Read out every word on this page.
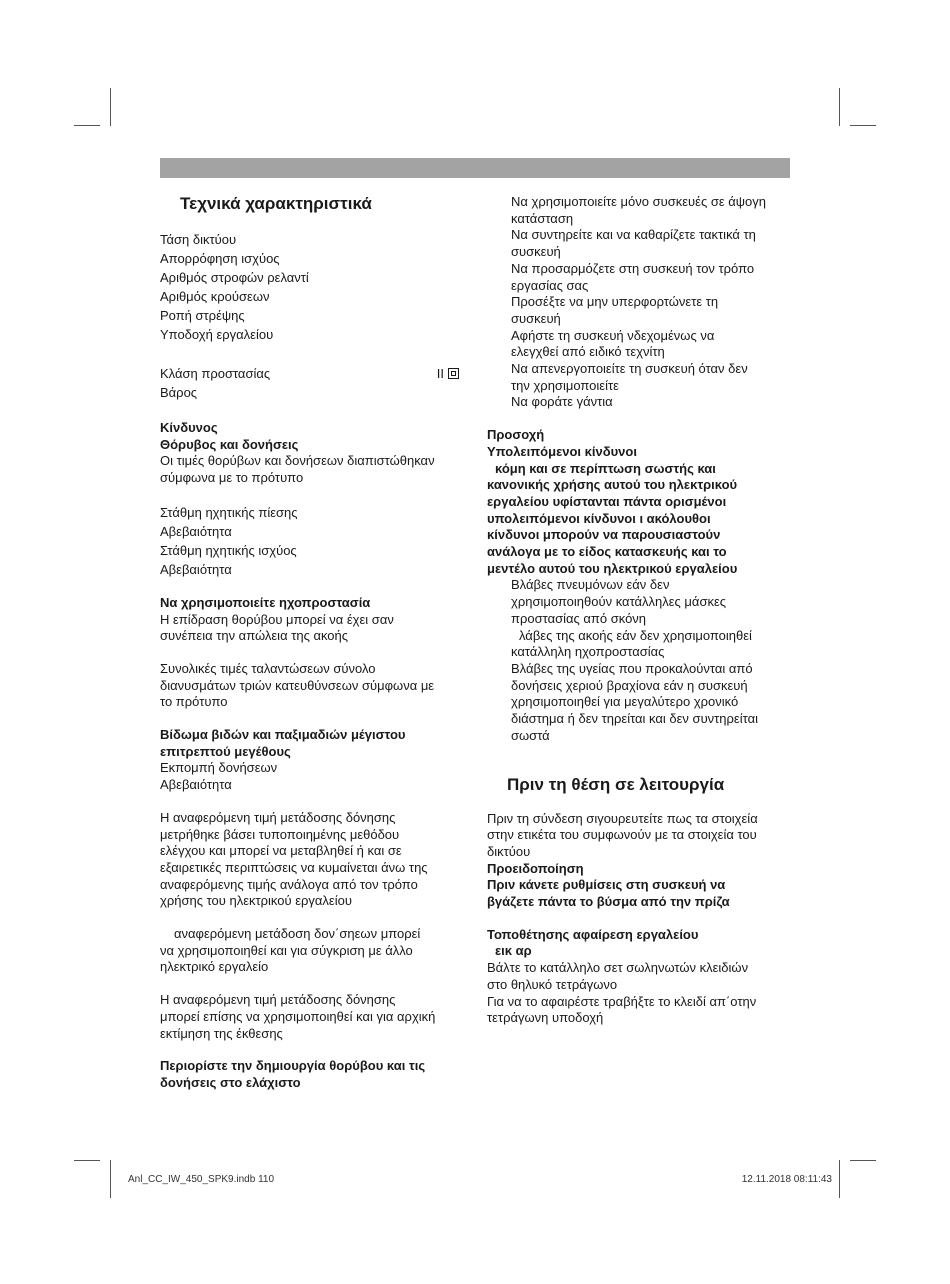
Τεχνικά χαρακτηριστικά

Τάση δικτύου

Απορρόφηση ισχύος

Αριθμός στροφών ρελαντί

Αριθμός κρούσεων

Ροπή στρέψης

Υποδοχή εργαλείου

Κλάση προστασίας	II

Βάρος

Κίνδυνος

Θόρυβος και δονήσεις

Οι τιμές θορύβων και δονήσεων διαπιστώθηκαν

σύμφωνα με το πρότυπο

Στάθμη ηχητικής πίεσης

Αβεβαιότητα

Στάθμη ηχητικής ισχύος

Αβεβαιότητα

Να χρησιμοποιείτε ηχοπροστασία

Η επίδραση θορύβου μπορεί να έχει σαν

συνέπεια την απώλεια της ακοής

Συνολικές τιμές ταλαντώσεων σύνολο

διανυσμάτων τριών κατευθύνσεων σύμφωνα με

το πρότυπο

Βίδωμα βιδών και παξιμαδιών μέγιστου

επιτρεπτού μεγέθους

Εκπομπή δονήσεων

Αβεβαιότητα

Η αναφερόμενη τιμή μετάδοσης δόνησης

μετρήθηκε βάσει τυποποιημένης μεθόδου

ελέγχου και μπορεί να μεταβληθεί ή και σε

εξαιρετικές περιπτώσεις να κυμαίνεται άνω της

αναφερόμενης τιμής ανάλογα από τον τρόπο

χρήσης του ηλεκτρικού εργαλείου

αναφερόμενη μετάδοση δον΄σηεων μπορεί

να χρησιμοποιηθεί και για σύγκριση με άλλο

ηλεκτρικό εργαλείο

Η αναφερόμενη τιμή μετάδοσης δόνησης

μπορεί επίσης να χρησιμοποιηθεί και για αρχική

εκτίμηση της έκθεσης

Περιορίστε την δημιουργία θορύβου και τις

δονήσεις στο ελάχιστο

Να χρησιμοποιείτε μόνο συσκευές σε άψογη

κατάσταση

Να συντηρείτε και να καθαρίζετε τακτικά τη

συσκευή

Να προσαρμόζετε στη συσκευή τον τρόπο

εργασίας σας

Προσέξτε να μην υπερφορτώνετε τη

συσκευή

Αφήστε τη συσκευή νδεχομένως να

ελεγχθεί από ειδικό τεχνίτη

Να απενεργοποιείτε τη συσκευή όταν δεν

την χρησιμοποιείτε

Να φοράτε γάντια

Προσοχή

Υπολειπόμενοι κίνδυνοι

κόμη και σε περίπτωση σωστής και

κανονικής χρήσης αυτού του ηλεκτρικού

εργαλείου υφίστανται πάντα ορισμένοι

υπολειπόμενοι κίνδυνοι ι ακόλουθοι

κίνδυνοι μπορούν να παρουσιαστούν

ανάλογα με το είδος κατασκευής και το

μεντέλο αυτού του ηλεκτρικού εργαλείου

Βλάβες πνευμόνων εάν δεν

χρησιμοποιηθούν κατάλληλες μάσκες

προστασίας από σκόνη

λάβες της ακοής εάν δεν χρησιμοποιηθεί

κατάλληλη ηχοπροστασίας

Βλάβες της υγείας που προκαλούνται από

δονήσεις χεριού βραχίονα εάν η συσκευή

χρησιμοποιηθεί για μεγαλύτερο χρονικό

διάστημα ή δεν τηρείται και δεν συντηρείται

σωστά

Πριν τη θέση σε λειτουργία

Πριν τη σύνδεση σιγουρευτείτε πως τα στοιχεία

στην ετικέτα του συμφωνούν με τα στοιχεία του

δικτύου

Προειδοποίηση

Πριν κάνετε ρυθμίσεις στη συσκευή να

βγάζετε πάντα το βύσμα από την πρίζα

Τοποθέτησης αφαίρεση εργαλείου

εικ αρ

Βάλτε το κατάλληλο σετ σωληνωτών κλειδιών

στο θηλυκό τετράγωνο

Για να το αφαιρέστε τραβήξτε το κλειδί απ΄οτην

τετράγωνη υποδοχή

Anl_CC_IW_450_SPK9.indb 110	12.11.2018 08:11:43
